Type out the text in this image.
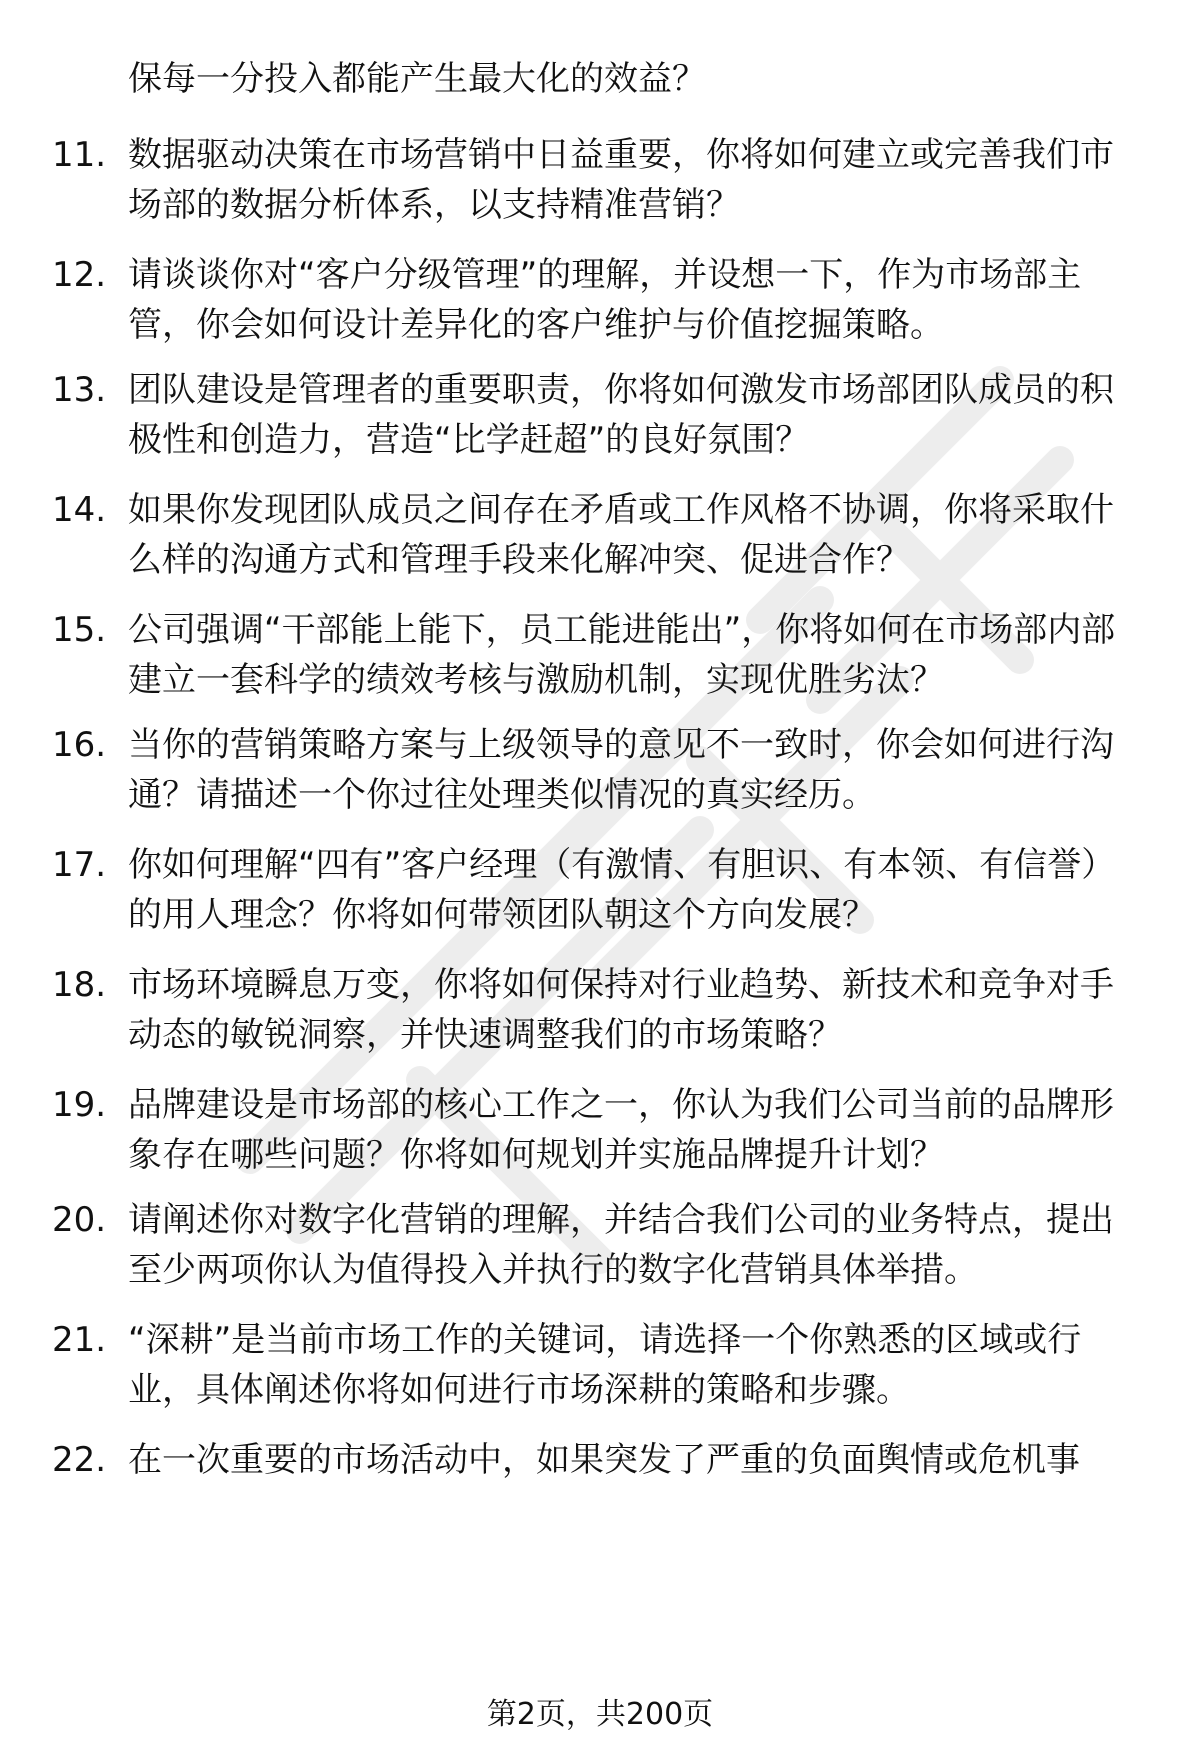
保每一分投入都能产生最大化的效益？
11. 数据驱动决策在市场营销中日益重要，你将如何建立或完善我们市场部的数据分析体系，以支持精准营销？
12. 请谈谈你对“客户分级管理”的理解，并设想一下，作为市场部主管，你会如何设计差异化的客户维护与价值挖掘策略。
13. 团队建设是管理者的重要职责，你将如何激发市场部团队成员的积极性和创造力，营造“比学赶超”的良好氛围？
14. 如果你发现团队成员之间存在矛盾或工作风格不协调，你将采取什么样的沟通方式和管理手段来化解冲突、促进合作？
15. 公司强调“干部能上能下，员工能进能出”，你将如何在市场部内部建立一套科学的绩效考核与激励机制，实现优胜劣汰？
16. 当你的营销策略方案与上级领导的意见不一致时，你会如何进行沟通？请描述一个你过往处理类似情况的真实经历。
17. 你如何理解“四有”客户经理（有激情、有胆识、有本领、有信誉）的用人理念？你将如何带领团队朝这个方向发展？
18. 市场环境瞬息万变，你将如何保持对行业趋势、新技术和竞争对手动态的敏锐洞察，并快速调整我们的市场策略？
19. 品牌建设是市场部的核心工作之一，你认为我们公司当前的品牌形象存在哪些问题？你将如何规划并实施品牌提升计划？
20. 请阐述你对数字化营销的理解，并结合我们公司的业务特点，提出至少两项你认为值得投入并执行的数字化营销具体举措。
21. “深耕”是当前市场工作的关键词，请选择一个你熟悉的区域或行业，具体阐述你将如何进行市场深耕的策略和步骤。
22. 在一次重要的市场活动中，如果突发了严重的负面舆情或危机事
第2页，共200页
